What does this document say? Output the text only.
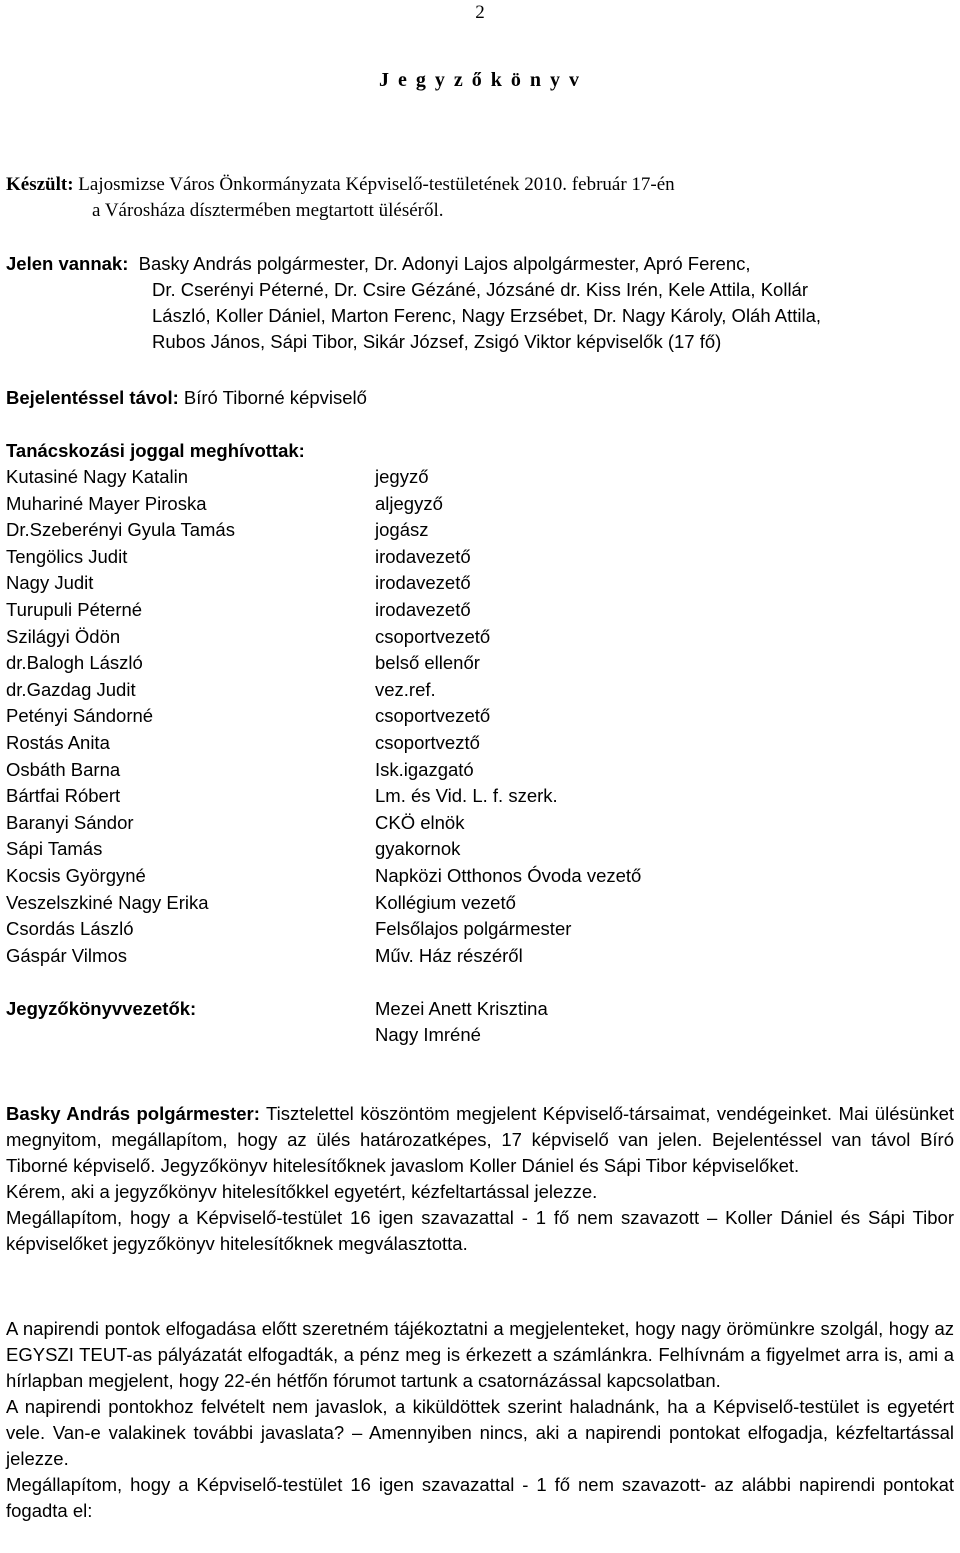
2
J e g y z ő k ö n y v
Készült: Lajosmizse Város Önkormányzata Képviselő-testületének 2010. február 17-én
a Városháza dísztermében megtartott üléséről.
Jelen vannak: Basky András polgármester, Dr. Adonyi Lajos alpolgármester, Apró Ferenc,
Dr. Cserényi Péterné, Dr. Csire Gézáné, Józsáné dr. Kiss Irén, Kele Attila, Kollár
László, Koller Dániel, Marton Ferenc, Nagy Erzsébet, Dr. Nagy Károly, Oláh Attila,
Rubos János, Sápi Tibor, Sikár József, Zsigó Viktor képviselők (17 fő)
Bejelentéssel távol: Bíró Tiborné képviselő
Tanácskozási joggal meghívottak:
Kutasiné Nagy Katalin	jegyző
Muhariné Mayer Piroska	aljegyző
Dr.Szeberényi Gyula Tamás	jogász
Tengölics Judit	irodavezető
Nagy Judit	irodavezető
Turupuli Péterné	irodavezető
Szilágyi Ödön	csoportvezető
dr.Balogh László	belső ellenőr
dr.Gazdag Judit	vez.ref.
Petényi Sándorné	csoportvezető
Rostás Anita	csoportveztő
Osbáth Barna	Isk.igazgató
Bártfai Róbert	Lm. és Vid. L. f. szerk.
Baranyi Sándor	CKÖ elnök
Sápi Tamás	gyakornok
Kocsis Györgyné	Napközi Otthonos Óvoda vezető
Veszelszkiné Nagy Erika	Kollégium vezető
Csordás László	Felsőlajos polgármester
Gáspár Vilmos	Műv. Ház részéről
Jegyzőkönyvvezetők:	Mezei Anett Krisztina
Nagy Imréné

Basky András polgármester: Tisztelettel köszöntöm megjelent Képviselő-társaimat, vendégeinket. Mai ülésünket megnyitom, megállapítom, hogy az ülés határozatképes, 17 képviselő van jelen. Bejelentéssel van távol Bíró Tiborné képviselő. Jegyzőkönyv hitelesítőknek javaslom Koller Dániel és Sápi Tibor képviselőket.

Kérem, aki a jegyzőkönyv hitelesítőkkel egyetért, kézfeltartással jelezze.

Megállapítom, hogy a Képviselő-testület 16 igen szavazattal - 1 fő nem szavazott – Koller Dániel és Sápi Tibor képviselőket jegyzőkönyv hitelesítőknek megválasztotta.

A napirendi pontok elfogadása előtt szeretném tájékoztatni a megjelenteket, hogy nagy örömünkre szolgál, hogy az EGYSZI TEUT-as pályázatát elfogadták, a pénz meg is érkezett a számlánkra. Felhívnám a figyelmet arra is, ami a hírlapban megjelent, hogy 22-én hétfőn fórumot tartunk a csatornázással kapcsolatban.

A napirendi pontokhoz felvételt nem javaslok, a kiküldöttek szerint haladnánk, ha a Képviselő-testület is egyetért vele. Van-e valakinek további javaslata? – Amennyiben nincs, aki a napirendi pontokat elfogadja, kézfeltartással jelezze.

Megállapítom, hogy a Képviselő-testület 16 igen szavazattal - 1 fő nem szavazott- az alábbi napirendi pontokat fogadta el:
